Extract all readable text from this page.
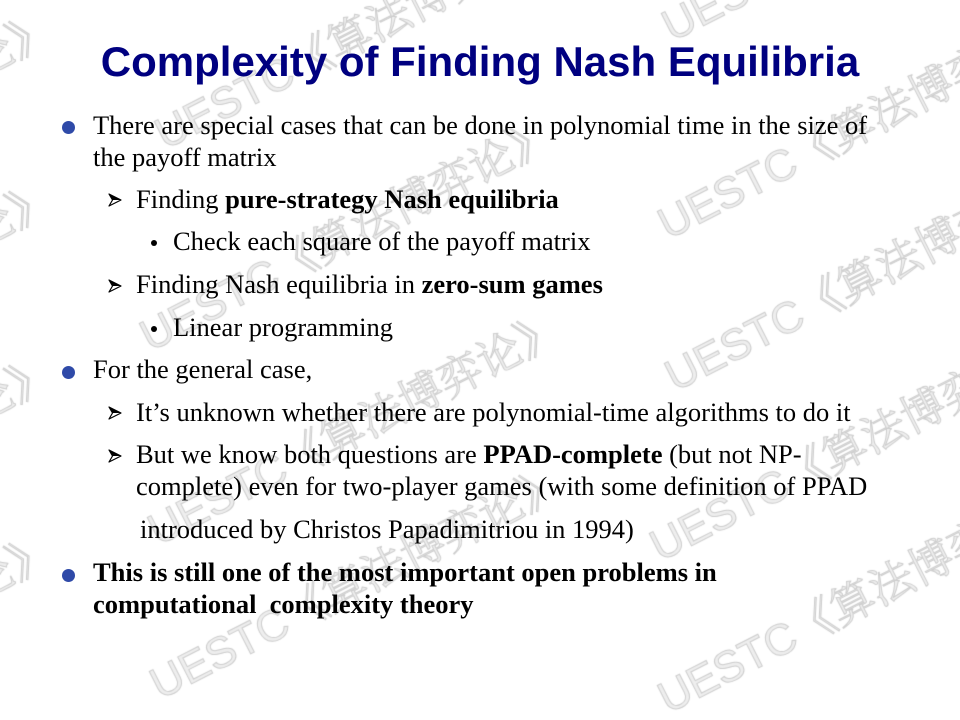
Complexity of Finding Nash Equilibria
There are special cases that can be done in polynomial time in the size of
the payoff matrix
Finding pure-strategy Nash equilibria
Check each square of the payoff matrix
Finding Nash equilibria in zero-sum games
Linear programming
For the general case,
It’s unknown whether there are polynomial-time algorithms to do it
But we know both questions are PPAD-complete (but not NP-
complete) even for two-player games (with some definition of PPAD
introduced by Christos Papadimitriou in 1994)
This is still one of the most important open problems in
computational  complexity theory
